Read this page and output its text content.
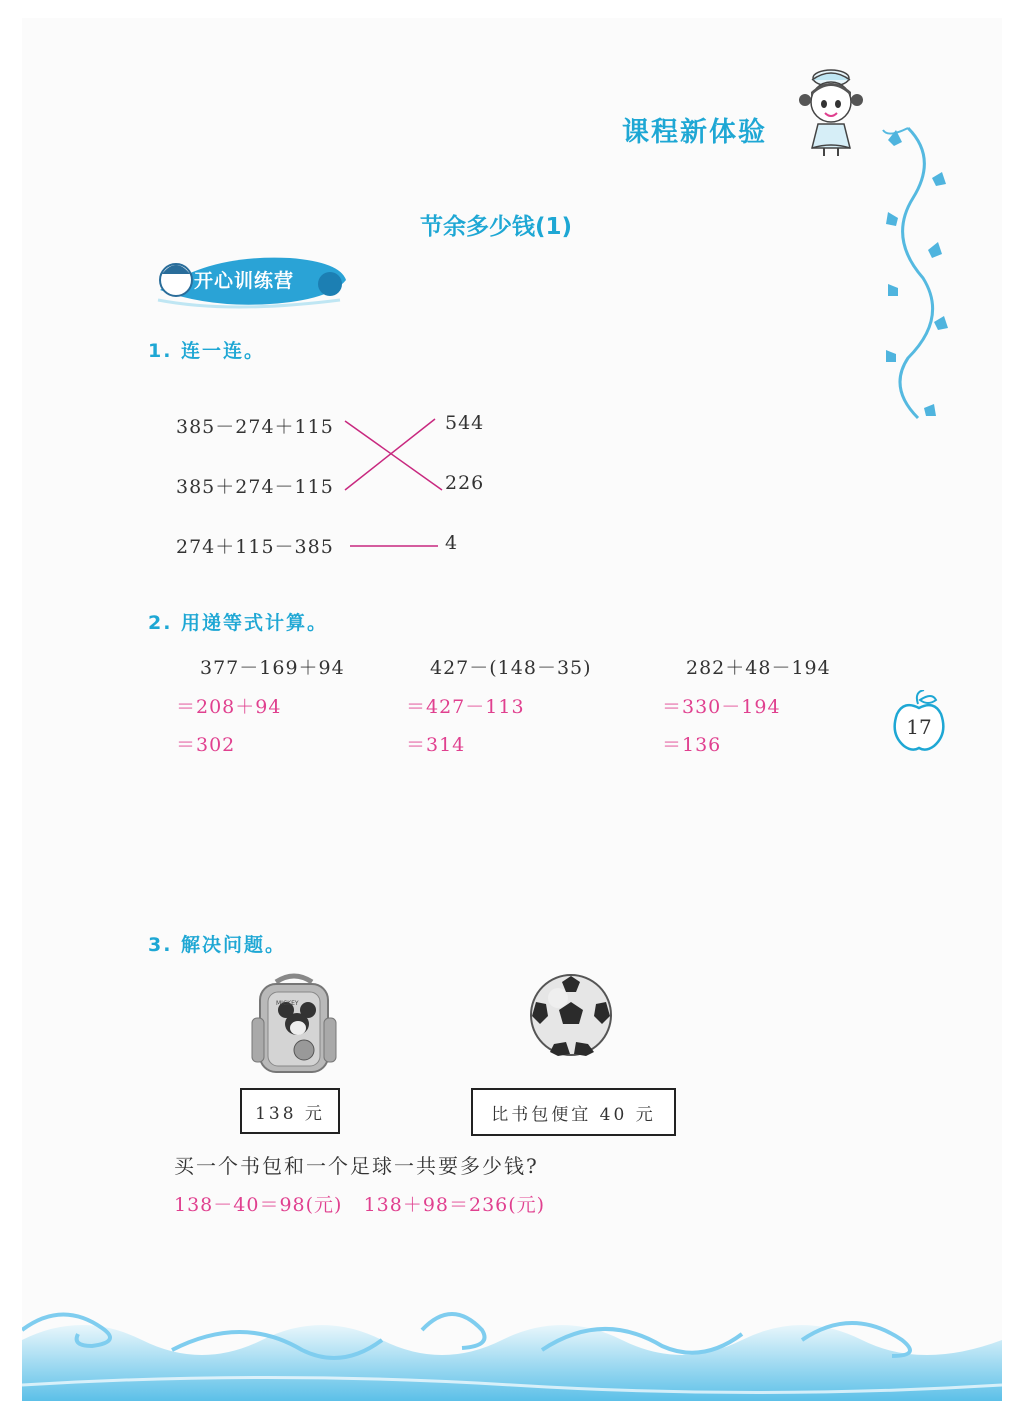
课程新体验
节余多少钱(1)
开心训练营
1. 连一连。
385－274＋115
385＋274－115
274＋115－385
544
226
4
2. 用递等式计算。
377－169＋94
＝208＋94
＝302
427－(148－35)
＝427－113
＝314
282＋48－194
＝330－194
＝136
17
3. 解决问题。
MICKEY
138 元	比书包便宜 40 元
买一个书包和一个足球一共要多少钱?
138－40＝98(元)   138＋98＝236(元)
